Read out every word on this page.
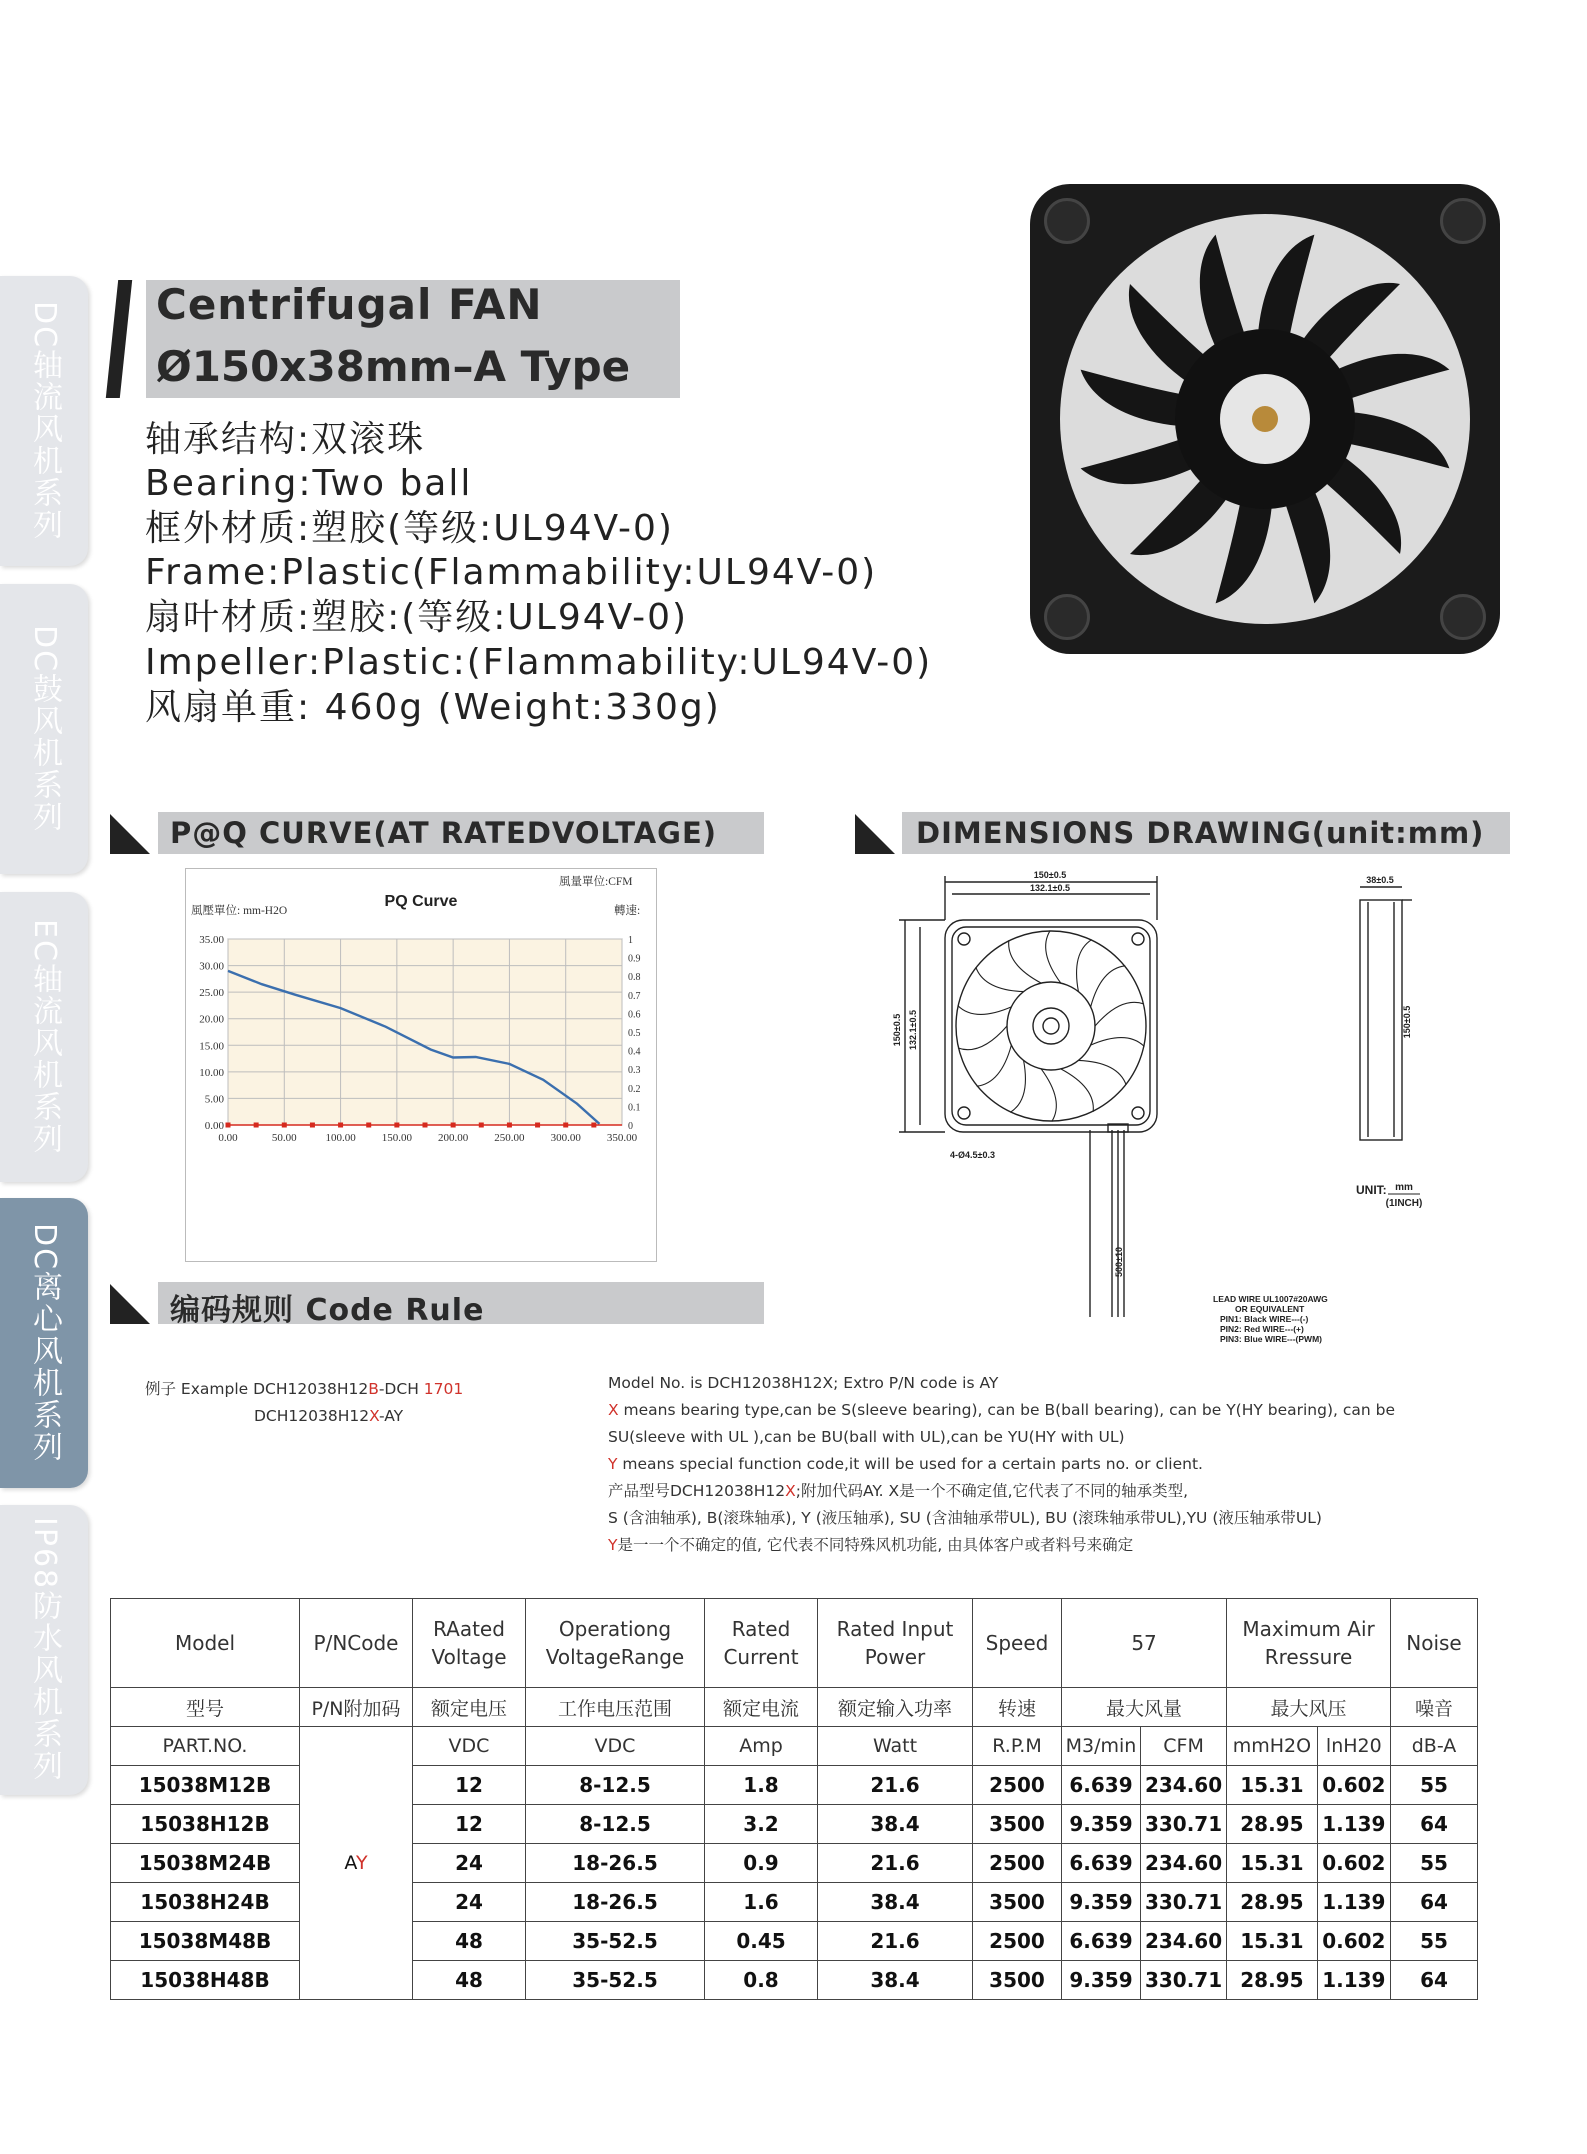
DC轴流风机系列
DC鼓风机系列
EC轴流风机系列
DC离心风机系列
IP68防水风机系列
Centrifugal FAN
Ø150x38mm–A Type
轴承结构:双滚珠
Bearing:Two ball
框外材质:塑胶(等级:UL94V-0)
Frame:Plastic(Flammability:UL94V-0)
扇叶材质:塑胶:(等级:UL94V-0)
Impeller:Plastic:(Flammability:UL94V-0)
风扇单重: 460g (Weight:330g)
P@Q CURVE(AT RATEDVOLTAGE)	DIMENSIONS DRAWING(unit:mm)
编码规则 Code Rule
PQ Curve
風量單位:CFM
轉速:
風壓單位: mm-H2O
0.00	50.00	100.00 150.00 200.00 250.00 300.00 350.00
0.00
5.00
10.00
15.00
20.00
25.00
30.00
35.00
0
0.1
0.2
0.3
0.4
0.5
0.6
0.7
0.8
0.9
1
150±0.5
132.1±0.5
38±0.5
150±0.5 132.1±0.5	150±0.5
4-Ø4.5±0.3
500±10
UNIT: mm
(1INCH)
LEAD WIRE UL1007#20AWG
OR EQUIVALENT
PIN1: Black WIRE---(-)
PIN2: Red WIRE---(+)
PIN3: Blue WIRE---(PWM)
例子 Example DCH12038H12B-DCH 1701
DCH12038H12X-AY
Model No. is DCH12038H12X; Extro P/N code is AY
X means bearing type,can be S(sleeve bearing), can be B(ball bearing), can be Y(HY bearing), can be
SU(sleeve with UL ),can be BU(ball with UL),can be YU(HY with UL)
Y means special function code,it will be used for a certain parts no. or client.
产品型号DCH12038H12X;附加代码AY. X是一个不确定值,它代表了不同的轴承类型,
S (含油轴承), B(滚珠轴承), Y (液压轴承), SU (含油轴承带UL), BU (滚珠轴承带UL),YU (液压轴承带UL)
Y是一一个不确定的值, 它代表不同特殊风机功能, 由具体客户或者料号来确定
Model	P/NCode	RAated Voltage	Operationg VoltageRange	Rated Current	Rated Input Power	Speed	57		Maximum Air Rressure		Noise
型号	P/N附加码	额定电压	工作电压范围	额定电流	额定输入功率	转速	最大风量		最大风压		噪音
PART.NO.	AY	VDC	VDC	Amp	Watt	R.P.M	M3/min	CFM	mmH2O	lnH20	dB-A
15038M12B		12	8-12.5	1.8	21.6	2500	6.639	234.60	15.31	0.602	55
15038H12B		12	8-12.5	3.2	38.4	3500	9.359	330.71	28.95	1.139	64
15038M24B		24	18-26.5	0.9	21.6	2500	6.639	234.60	15.31	0.602	55
15038H24B		24	18-26.5	1.6	38.4	3500	9.359	330.71	28.95	1.139	64
15038M48B		48	35-52.5	0.45	21.6	2500	6.639	234.60	15.31	0.602	55
15038H48B		48	35-52.5	0.8	38.4	3500	9.359	330.71	28.95	1.139	64
